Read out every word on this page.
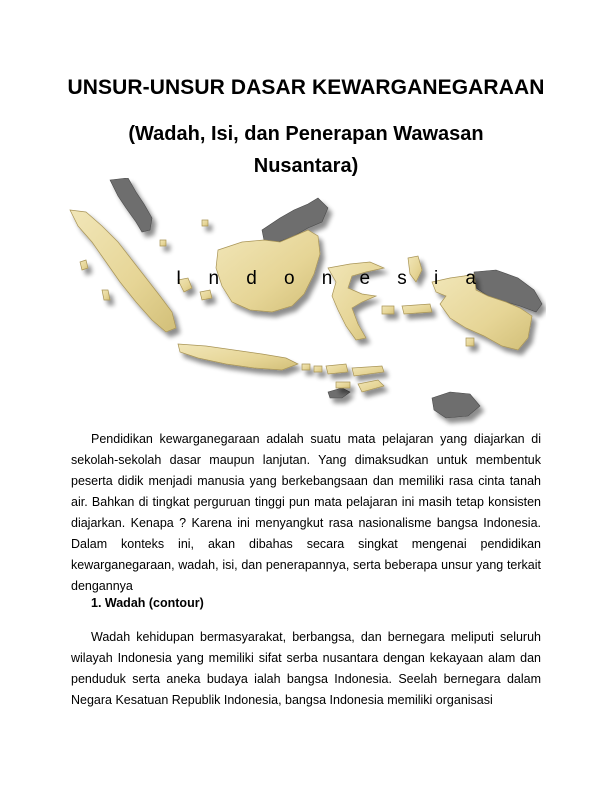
UNSUR-UNSUR DASAR KEWARGANEGARAAN
(Wadah, Isi, dan Penerapan Wawasan Nusantara)
I n d o n e s i a

Pendidikan kewarganegaraan adalah suatu mata pelajaran yang diajarkan di sekolah-sekolah dasar maupun lanjutan. Yang dimaksudkan untuk membentuk peserta didik menjadi manusia yang berkebangsaan dan memiliki rasa cinta tanah air. Bahkan di tingkat perguruan tinggi pun mata pelajaran ini masih tetap konsisten diajarkan. Kenapa ? Karena ini menyangkut rasa nasionalisme bangsa Indonesia. Dalam konteks ini, akan dibahas secara singkat mengenai pendidikan kewarganegaraan, wadah, isi, dan penerapannya, serta beberapa unsur yang terkait dengannya

1. Wadah (contour)

Wadah kehidupan bermasyarakat, berbangsa, dan bernegara meliputi seluruh wilayah Indonesia yang memiliki sifat serba nusantara dengan kekayaan alam dan penduduk serta aneka budaya ialah bangsa Indonesia. Seelah bernegara dalam Negara Kesatuan Republik Indonesia, bangsa Indonesia memiliki organisasi
